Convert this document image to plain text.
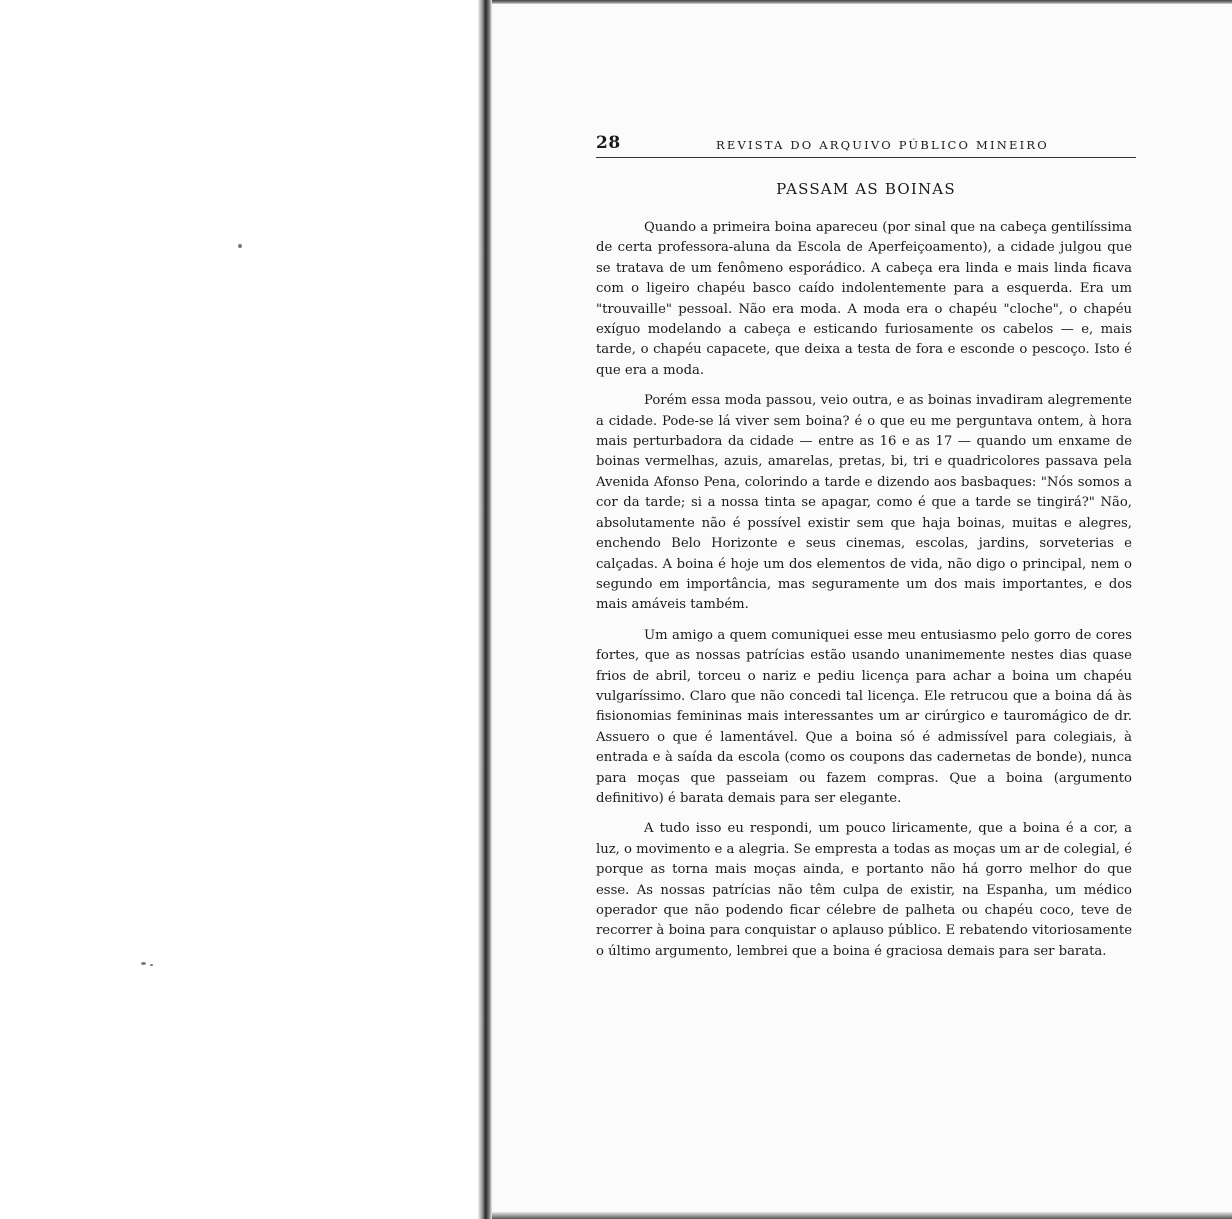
28	REVISTA DO ARQUIVO PÚBLICO MINEIRO
PASSAM AS BOINAS

Quando a primeira boina apareceu (por sinal que na cabeça gentilíssima de certa professora-aluna da Escola de Aperfeiçoamento), a cidade julgou que se tratava de um fenômeno esporádico. A cabeça era linda e mais linda ficava com o ligeiro chapéu basco caído indolentemente para a esquerda. Era um "trouvaille" pessoal. Não era moda. A moda era o chapéu "cloche", o chapéu exíguo modelando a cabeça e esticando furiosamente os cabelos — e, mais tarde, o chapéu capacete, que deixa a testa de fora e esconde o pescoço. Isto é que era a moda.

Porém essa moda passou, veio outra, e as boinas invadiram alegremente a cidade. Pode-se lá viver sem boina? é o que eu me perguntava ontem, à hora mais perturbadora da cidade — entre as 16 e as 17 — quando um enxame de boinas vermelhas, azuis, amarelas, pretas, bi, tri e quadricolores passava pela Avenida Afonso Pena, colorindo a tarde e dizendo aos basbaques: "Nós somos a cor da tarde; si a nossa tinta se apagar, como é que a tarde se tingirá?" Não, absolutamente não é possível existir sem que haja boinas, muitas e alegres, enchendo Belo Horizonte e seus cinemas, escolas, jardins, sorveterias e calçadas. A boina é hoje um dos elementos de vida, não digo o principal, nem o segundo em importância, mas seguramente um dos mais importantes, e dos mais amáveis também.

Um amigo a quem comuniquei esse meu entusiasmo pelo gorro de cores fortes, que as nossas patrícias estão usando unanimemente nestes dias quase frios de abril, torceu o nariz e pediu licença para achar a boina um chapéu vulgaríssimo. Claro que não concedi tal licença. Ele retrucou que a boina dá às fisionomias femininas mais interessantes um ar cirúrgico e tauromágico de dr. Assuero o que é lamentável. Que a boina só é admissível para colegiais, à entrada e à saída da escola (como os coupons das cadernetas de bonde), nunca para moças que passeiam ou fazem compras. Que a boina (argumento definitivo) é barata demais para ser elegante.

A tudo isso eu respondi, um pouco liricamente, que a boina é a cor, a luz, o movimento e a alegria. Se empresta a todas as moças um ar de colegial, é porque as torna mais moças ainda, e portanto não há gorro melhor do que esse. As nossas patrícias não têm culpa de existir, na Espanha, um médico operador que não podendo ficar célebre de palheta ou chapéu coco, teve de recorrer à boina para conquistar o aplauso público. E rebatendo vitoriosamente o último argumento, lembrei que a boina é graciosa demais para ser barata.
